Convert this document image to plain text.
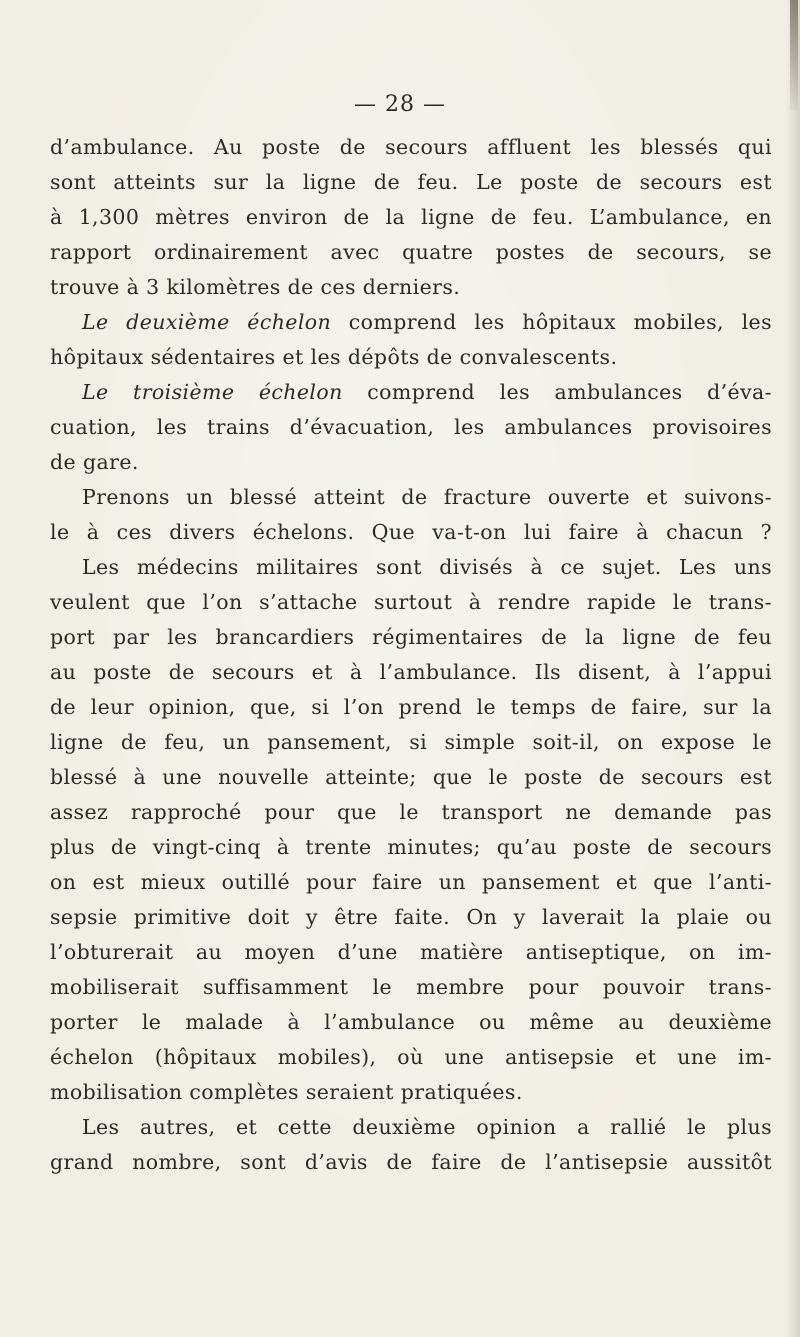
— 28 —
d’ambulance. Au poste de secours affluent les blessés qui
sont atteints sur la ligne de feu. Le poste de secours est
à 1,300 mètres environ de la ligne de feu. L’ambulance, en
rapport ordinairement avec quatre postes de secours, se
trouve à 3 kilomètres de ces derniers.
Le deuxième échelon comprend les hôpitaux mobiles, les
hôpitaux sédentaires et les dépôts de convalescents.
Le troisième échelon comprend les ambulances d’éva-
cuation, les trains d’évacuation, les ambulances provisoires
de gare.
Prenons un blessé atteint de fracture ouverte et suivons-
le à ces divers échelons. Que va-t-on lui faire à chacun ?
Les médecins militaires sont divisés à ce sujet. Les uns
veulent que l’on s’attache surtout à rendre rapide le trans-
port par les brancardiers régimentaires de la ligne de feu
au poste de secours et à l’ambulance. Ils disent, à l’appui
de leur opinion, que, si l’on prend le temps de faire, sur la
ligne de feu, un pansement, si simple soit-il, on expose le
blessé à une nouvelle atteinte; que le poste de secours est
assez rapproché pour que le transport ne demande pas
plus de vingt-cinq à trente minutes; qu’au poste de secours
on est mieux outillé pour faire un pansement et que l’anti-
sepsie primitive doit y être faite. On y laverait la plaie ou
l’obturerait au moyen d’une matière antiseptique, on im-
mobiliserait suffisamment le membre pour pouvoir trans-
porter le malade à l’ambulance ou même au deuxième
échelon (hôpitaux mobiles), où une antisepsie et une im-
mobilisation complètes seraient pratiquées.
Les autres, et cette deuxième opinion a rallié le plus
grand nombre, sont d’avis de faire de l’antisepsie aussitôt
